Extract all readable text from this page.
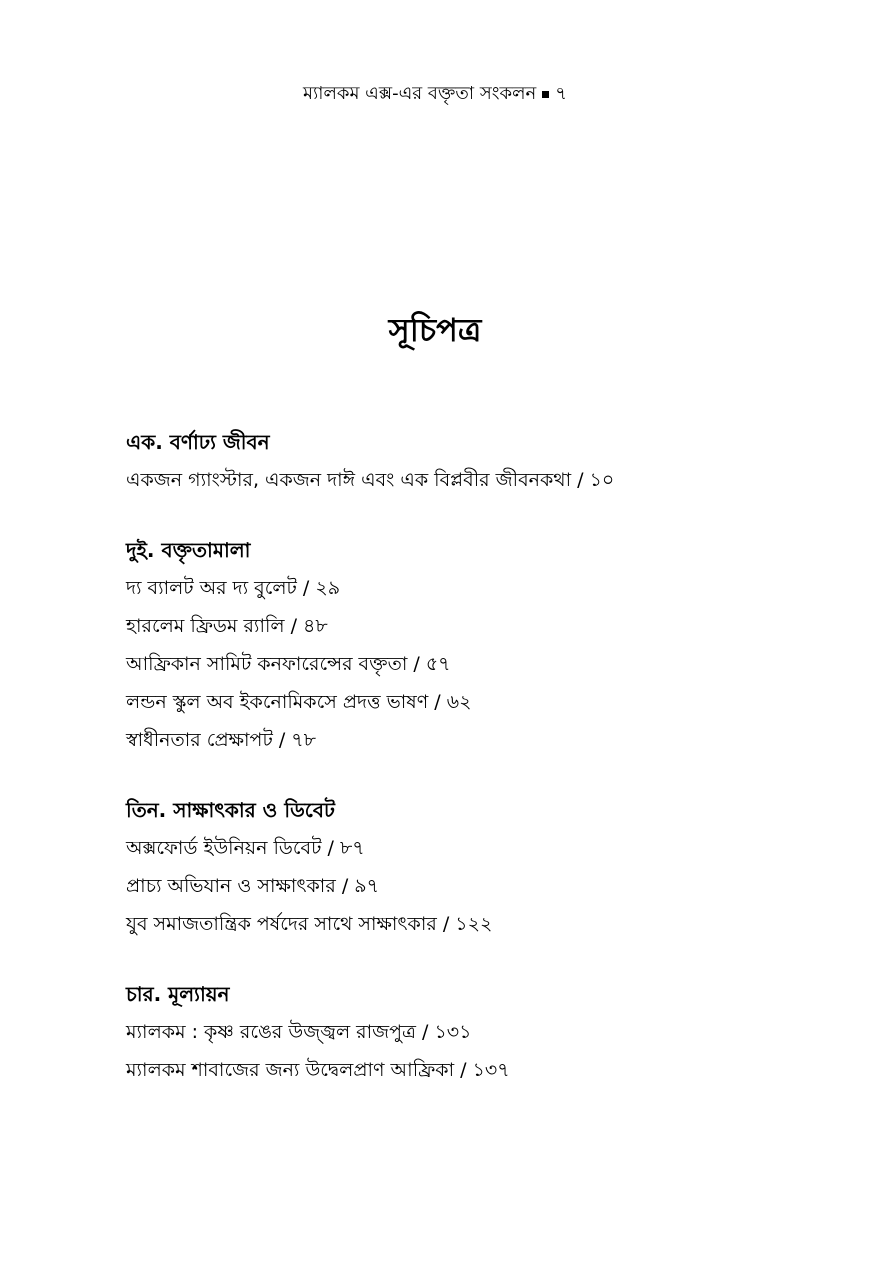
ম্যালকম এক্স-এর বক্তৃতা সংকলন ৭
সূচিপত্র
এক. বর্ণাঢ্য জীবন
একজন গ্যাংস্টার, একজন দাঈ এবং এক বিপ্লবীর জীবনকথা / ১০
দুই. বক্তৃতামালা
দ্য ব্যালট অর দ্য বুলেট / ২৯
হারলেম ফ্রিডম র‍্যালি / ৪৮
আফ্রিকান সামিট কনফারেন্সের বক্তৃতা / ৫৭
লন্ডন স্কুল অব ইকনোমিকসে প্রদত্ত ভাষণ / ৬২
স্বাধীনতার প্রেক্ষাপট / ৭৮
তিন. সাক্ষাৎকার ও ডিবেট
অক্সফোর্ড ইউনিয়ন ডিবেট / ৮৭
প্রাচ্য অভিযান ও সাক্ষাৎকার / ৯৭
যুব সমাজতান্ত্রিক পর্ষদের সাথে সাক্ষাৎকার / ১২২
চার. মূল্যায়ন
ম্যালকম : কৃষ্ণ রঙের উজ্জ্বল রাজপুত্র / ১৩১
ম্যালকম শাবাজের জন্য উদ্বেলপ্রাণ আফ্রিকা / ১৩৭
